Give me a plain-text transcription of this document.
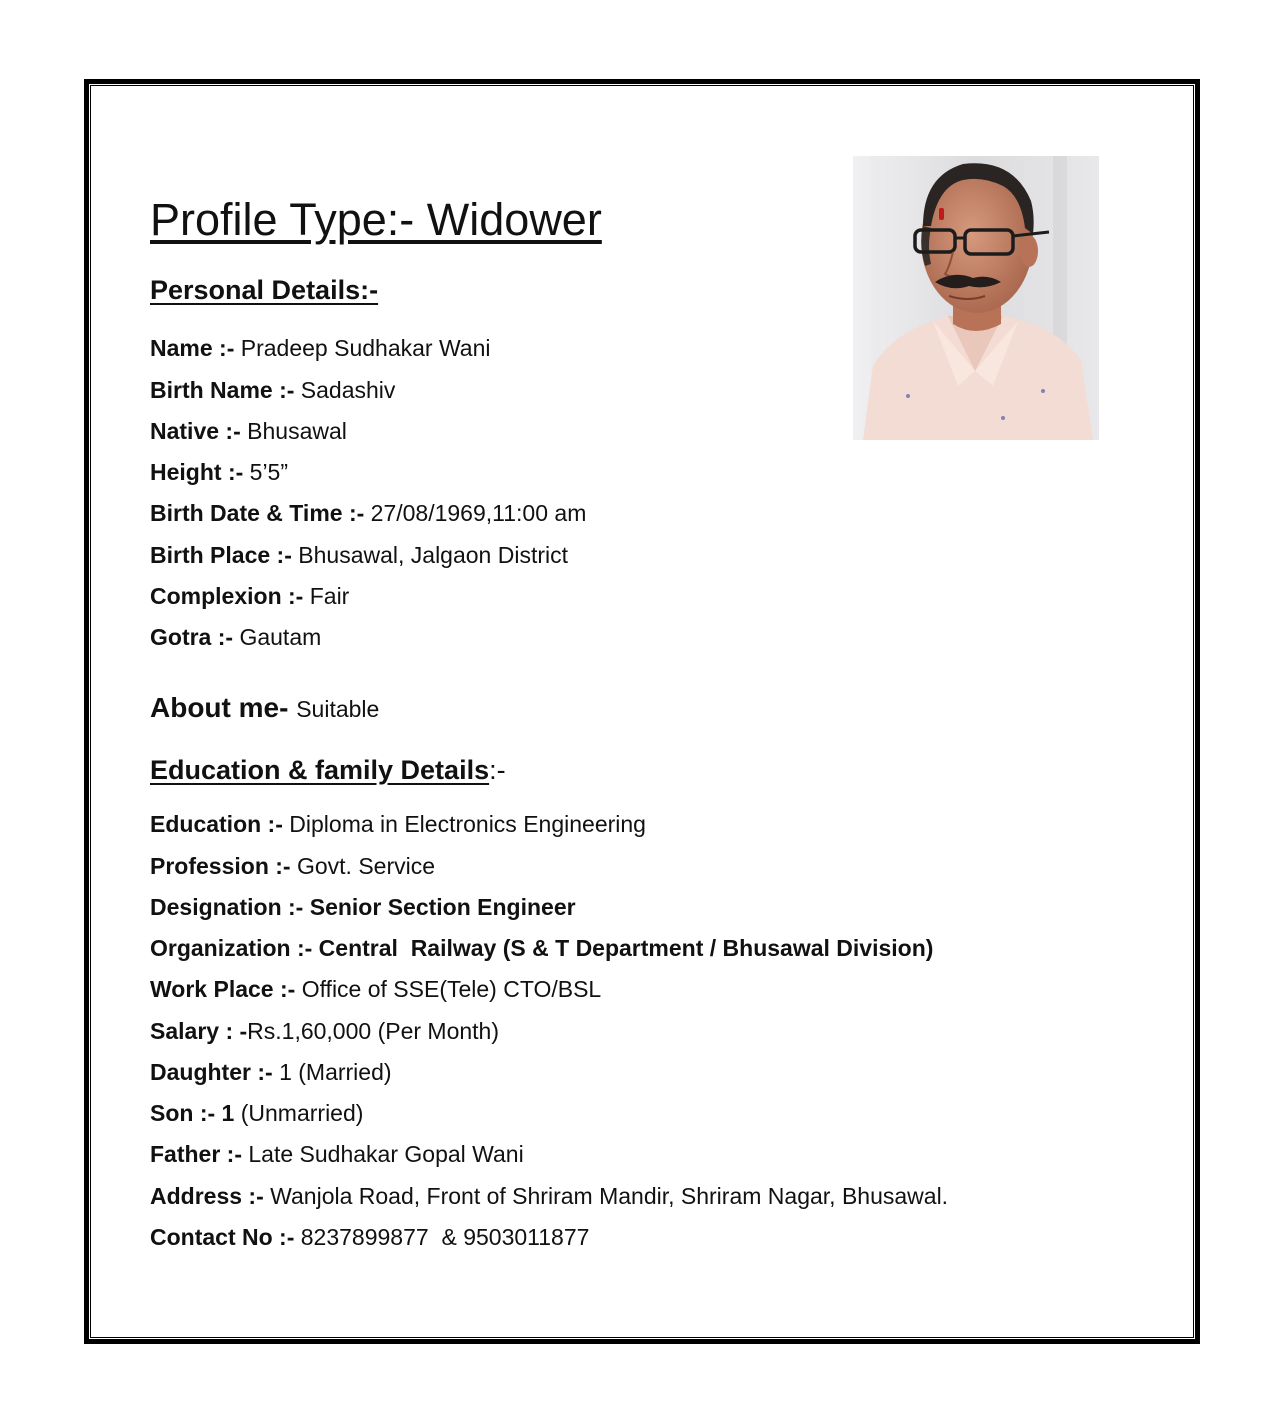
Profile Type:- Widower
Personal Details:-
Name :- Pradeep Sudhakar Wani
Birth Name :- Sadashiv
Native :- Bhusawal
Height :- 5’5”
Birth Date & Time :- 27/08/1969,11:00 am
Birth Place :- Bhusawal, Jalgaon District
Complexion :- Fair
Gotra :- Gautam
About me- Suitable
Education & family Details:-
Education :- Diploma in Electronics Engineering
Profession :- Govt. Service
Designation :- Senior Section Engineer
Organization :- Central  Railway (S & T Department / Bhusawal Division)
Work Place :- Office of SSE(Tele) CTO/BSL
Salary : -Rs.1,60,000 (Per Month)
Daughter :- 1 (Married)
Son :- 1 (Unmarried)
Father :- Late Sudhakar Gopal Wani
Address :- Wanjola Road, Front of Shriram Mandir, Shriram Nagar, Bhusawal.
Contact No :- 8237899877  & 9503011877
